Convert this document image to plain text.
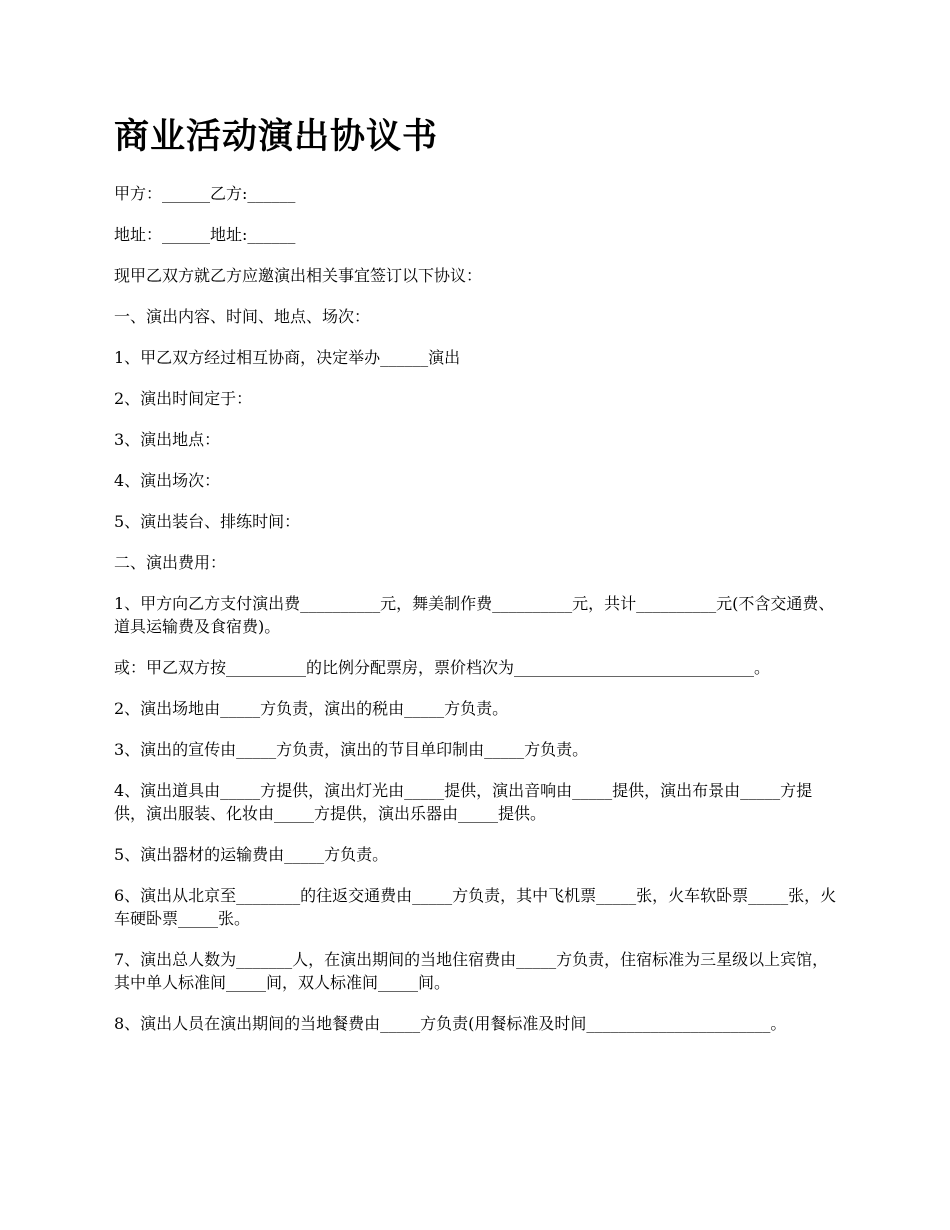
商业活动演出协议书

甲方：______乙方:______

地址：______地址:______

现甲乙双方就乙方应邀演出相关事宜签订以下协议：

一、演出内容、时间、地点、场次：

1、甲乙双方经过相互协商，决定举办______演出

2、演出时间定于：

3、演出地点：

4、演出场次：

5、演出装台、排练时间：

二、演出费用：

1、甲方向乙方支付演出费__________元，舞美制作费__________元，共计__________元(不含交通费、道具运输费及食宿费)。

或：甲乙双方按__________的比例分配票房，票价档次为______________________________。

2、演出场地由_____方负责，演出的税由_____方负责。

3、演出的宣传由_____方负责，演出的节目单印制由_____方负责。

4、演出道具由_____方提供，演出灯光由_____提供，演出音响由_____提供，演出布景由_____方提供，演出服装、化妆由_____方提供，演出乐器由_____提供。

5、演出器材的运输费由_____方负责。

6、演出从北京至________的往返交通费由_____方负责，其中飞机票_____张，火车软卧票_____张，火车硬卧票_____张。

7、演出总人数为_______人，在演出期间的当地住宿费由_____方负责，住宿标准为三星级以上宾馆，其中单人标准间_____间，双人标准间_____间。

8、演出人员在演出期间的当地餐费由_____方负责(用餐标准及时间_______________________。
